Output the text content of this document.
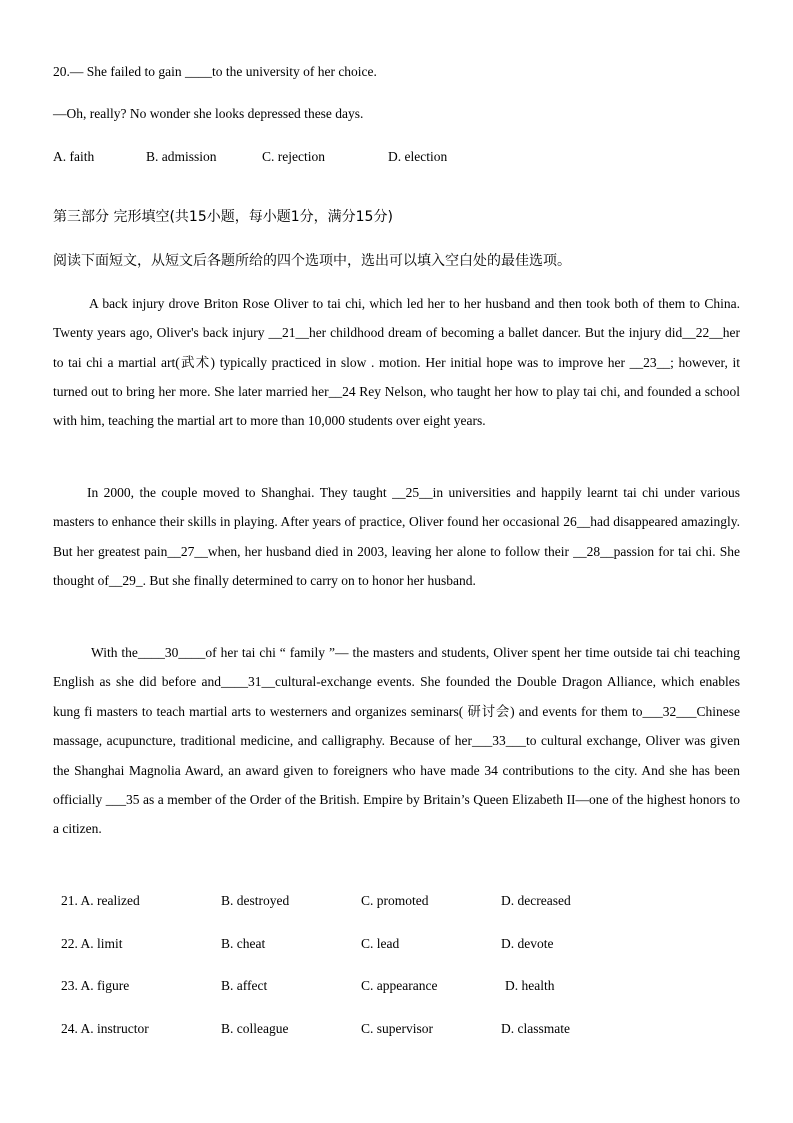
20.— She failed to gain ____to the university of her choice.
—Oh, really? No wonder she looks depressed these days.
A. faith	B. admission	C. rejection	D. election
第三部分 完形填空(共15小题，每小题1分，满分15分)
阅读下面短文，从短文后各题所给的四个选项中，选出可以填入空白处的最佳选项。
A back injury drove Briton Rose Oliver to tai chi, which led her to her husband and then took both of them to China. Twenty years ago, Oliver's back injury __21__her childhood dream of becoming a ballet dancer. But the injury did__22__her to tai chi a martial art(武术) typically practiced in slow . motion. Her initial hope was to improve her __23__; however, it turned out to bring her more. She later married her__24 Rey Nelson, who taught her how to play tai chi, and founded a school with him, teaching the martial art to more than 10,000 students over eight years.
In 2000, the couple moved to Shanghai. They taught __25__in universities and happily learnt tai chi under various masters to enhance their skills in playing. After years of practice, Oliver found her occasional 26__had disappeared amazingly. But her greatest pain__27__when, her husband died in 2003, leaving her alone to follow their __28__passion for tai chi. She thought of__29_. But she finally determined to carry on to honor her husband.
With the____30____of her tai chi “ family ”— the masters and students, Oliver spent her time outside tai chi teaching English as she did before and____31__cultural-exchange events. She founded the Double Dragon Alliance, which enables kung fi masters to teach martial arts to westerners and organizes seminars( 研讨会) and events for them to___32___Chinese massage, acupuncture, traditional medicine, and calligraphy. Because of her___33___to cultural exchange, Oliver was given the Shanghai Magnolia Award, an award given to foreigners who have made 34 contributions to the city. And she has been officially ___35 as a member of the Order of the British. Empire by Britain’s Queen Elizabeth II—one of the highest honors to a citizen.
21. A. realized	B. destroyed	C. promoted	D. decreased
22. A. limit	B. cheat	C. lead	D. devote
23. A. figure	B. affect	C. appearance	D. health
24. A. instructor	B. colleague	C. supervisor	D. classmate
